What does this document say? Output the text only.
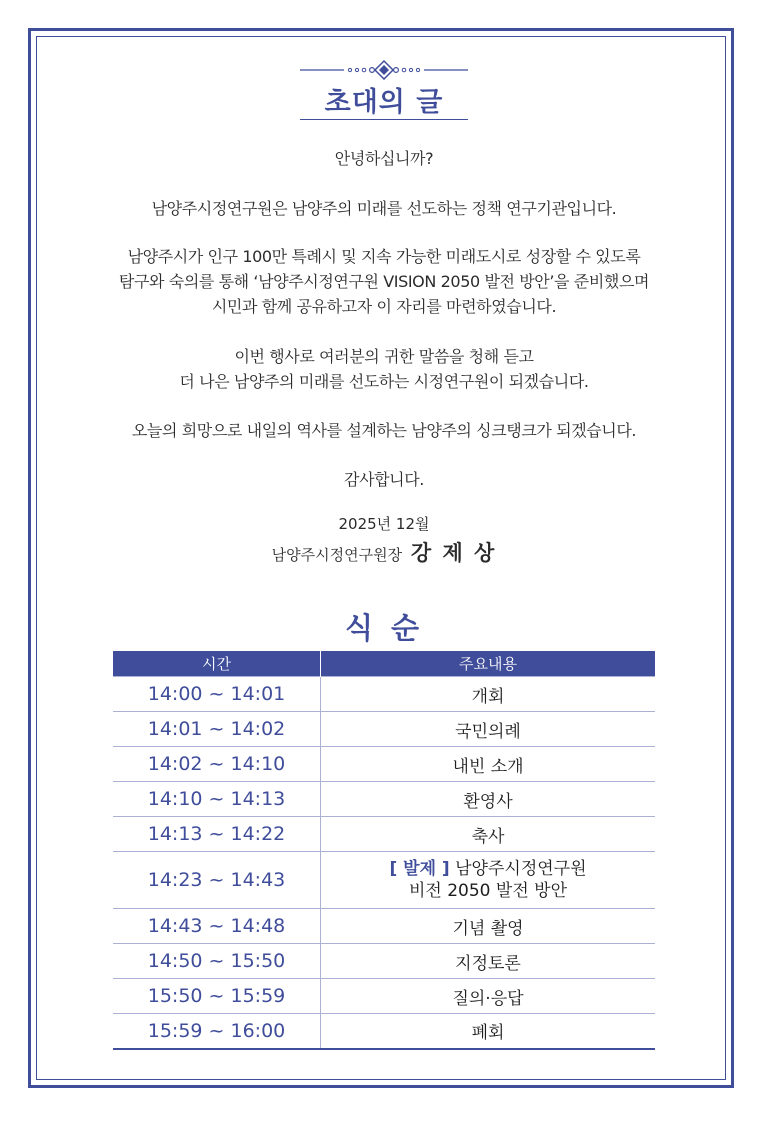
초대의 글
안녕하십니까?
남양주시정연구원은 남양주의 미래를 선도하는 정책 연구기관입니다.
남양주시가 인구 100만 특례시 및 지속 가능한 미래도시로 성장할 수 있도록
탐구와 숙의를 통해 ‘남양주시정연구원 VISION 2050 발전 방안’을 준비했으며
시민과 함께 공유하고자 이 자리를 마련하였습니다.
이번 행사로 여러분의 귀한 말씀을 청해 듣고
더 나은 남양주의 미래를 선도하는 시정연구원이 되겠습니다.
오늘의 희망으로 내일의 역사를 설계하는 남양주의 싱크탱크가 되겠습니다.
감사합니다.
2025년 12월
남양주시정연구원장 강 제 상
식 순
시간	주요내용
14:00 ~ 14:01	개회
14:01 ~ 14:02	국민의례
14:02 ~ 14:10	내빈 소개
14:10 ~ 14:13	환영사
14:13 ~ 14:22	축사
14:23 ~ 14:43	[ 발제 ] 남양주시정연구원
비전 2050 발전 방안

14:43 ~ 14:48	기념 촬영
14:50 ~ 15:50	지정토론
15:50 ~ 15:59	질의·응답
15:59 ~ 16:00	폐회
